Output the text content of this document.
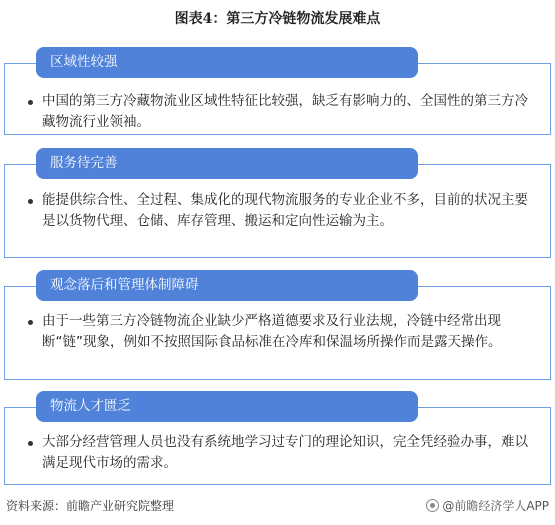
图表4：第三方冷链物流发展难点
区域性较强
中国的第三方冷藏物流业区域性特征比较强，缺乏有影响力的、全国性的第三方冷藏物流行业领袖。
服务待完善
能提供综合性、全过程、集成化的现代物流服务的专业企业不多，目前的状况主要是以货物代理、仓储、库存管理、搬运和定向性运输为主。
观念落后和管理体制障碍
由于一些第三方冷链物流企业缺少严格道德要求及行业法规，冷链中经常出现断“链”现象，例如不按照国际食品标准在冷库和保温场所操作而是露天操作。
物流人才匮乏
大部分经营管理人员也没有系统地学习过专门的理论知识，完全凭经验办事，难以满足现代市场的需求。
资料来源：前瞻产业研究院整理	@前瞻经济学人APP
